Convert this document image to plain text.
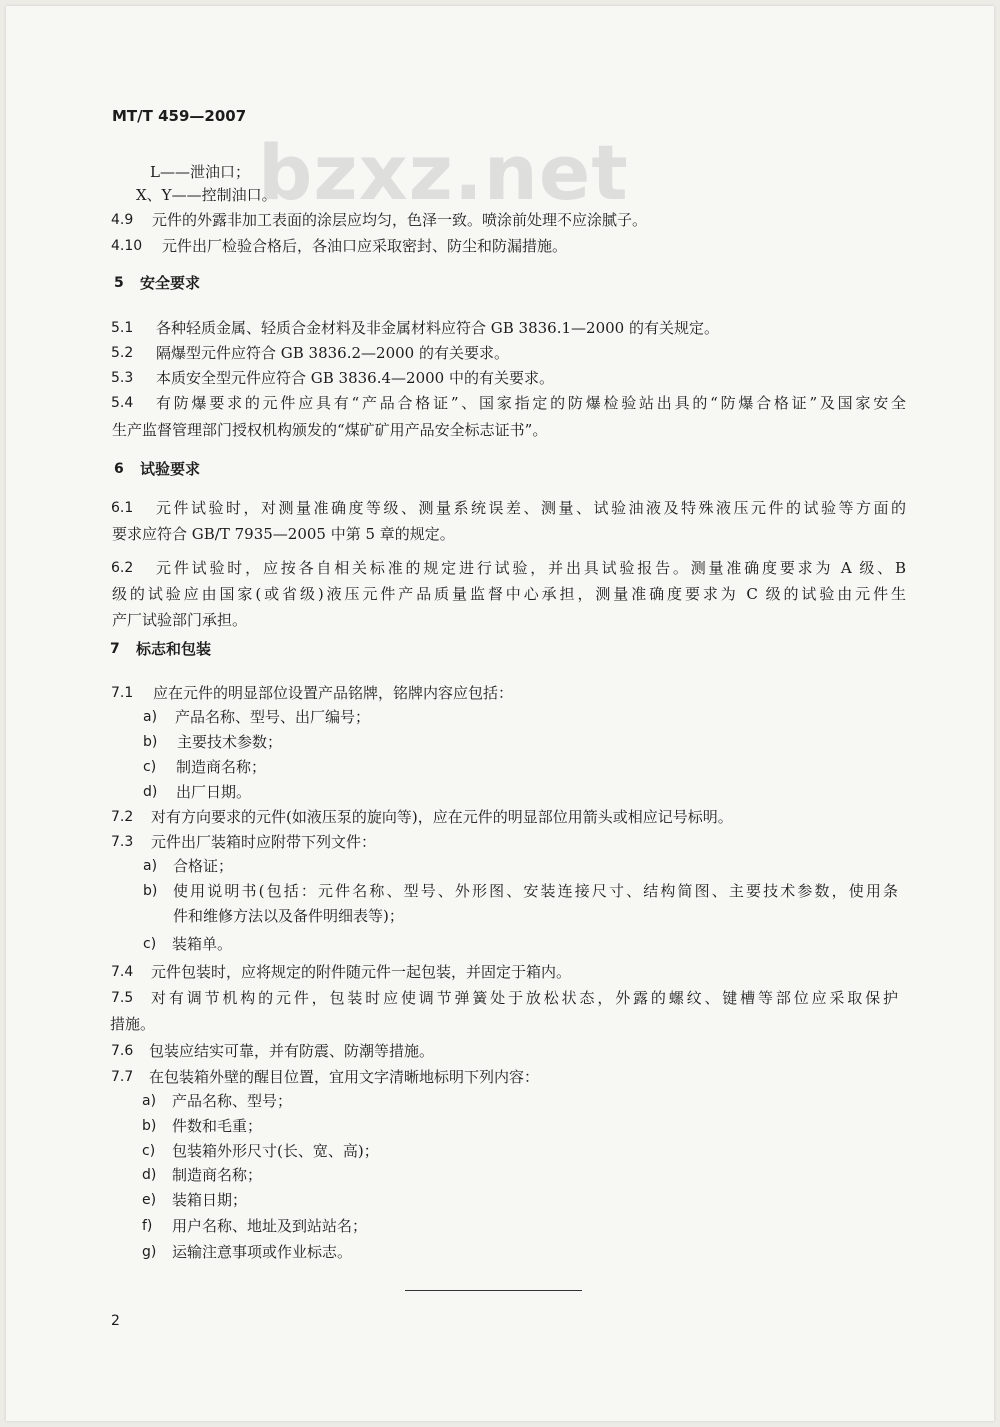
bzxz.net
MT/T 459—2007
L——泄油口；
X、Y——控制油口。
4.9 元件的外露非加工表面的涂层应均匀，色泽一致。喷涂前处理不应涂腻子。
4.10 元件出厂检验合格后，各油口应采取密封、防尘和防漏措施。
5 安全要求
5.1 各种轻质金属、轻质合金材料及非金属材料应符合 GB 3836.1—2000 的有关规定。
5.2 隔爆型元件应符合 GB 3836.2—2000 的有关要求。
5.3 本质安全型元件应符合 GB 3836.4—2000 中的有关要求。
5.4 有防爆要求的元件应具有“产品合格证”、国家指定的防爆检验站出具的“防爆合格证”及国家安全
生产监督管理部门授权机构颁发的“煤矿矿用产品安全标志证书”。
6 试验要求
6.1 元件试验时，对测量准确度等级、测量系统误差、测量、试验油液及特殊液压元件的试验等方面的
要求应符合 GB/T 7935—2005 中第 5 章的规定。
6.2 元件试验时，应按各自相关标准的规定进行试验，并出具试验报告。测量准确度要求为 A 级、B
级的试验应由国家(或省级)液压元件产品质量监督中心承担，测量准确度要求为 C 级的试验由元件生
产厂试验部门承担。
7 标志和包装
7.1 应在元件的明显部位设置产品铭牌，铭牌内容应包括：
a) 产品名称、型号、出厂编号；
b) 主要技术参数；
c) 制造商名称；
d) 出厂日期。
7.2 对有方向要求的元件(如液压泵的旋向等)，应在元件的明显部位用箭头或相应记号标明。
7.3 元件出厂装箱时应附带下列文件：
a) 合格证；
b) 使用说明书(包括：元件名称、型号、外形图、安装连接尺寸、结构简图、主要技术参数，使用条
件和维修方法以及备件明细表等)；
c) 装箱单。
7.4 元件包装时，应将规定的附件随元件一起包装，并固定于箱内。
7.5 对有调节机构的元件，包装时应使调节弹簧处于放松状态，外露的螺纹、键槽等部位应采取保护
措施。
7.6 包装应结实可靠，并有防震、防潮等措施。
7.7 在包装箱外壁的醒目位置，宜用文字清晰地标明下列内容：
a) 产品名称、型号；
b) 件数和毛重；
c) 包装箱外形尺寸(长、宽、高)；
d) 制造商名称；
e) 装箱日期；
f) 用户名称、地址及到站站名；
g) 运输注意事项或作业标志。
2
